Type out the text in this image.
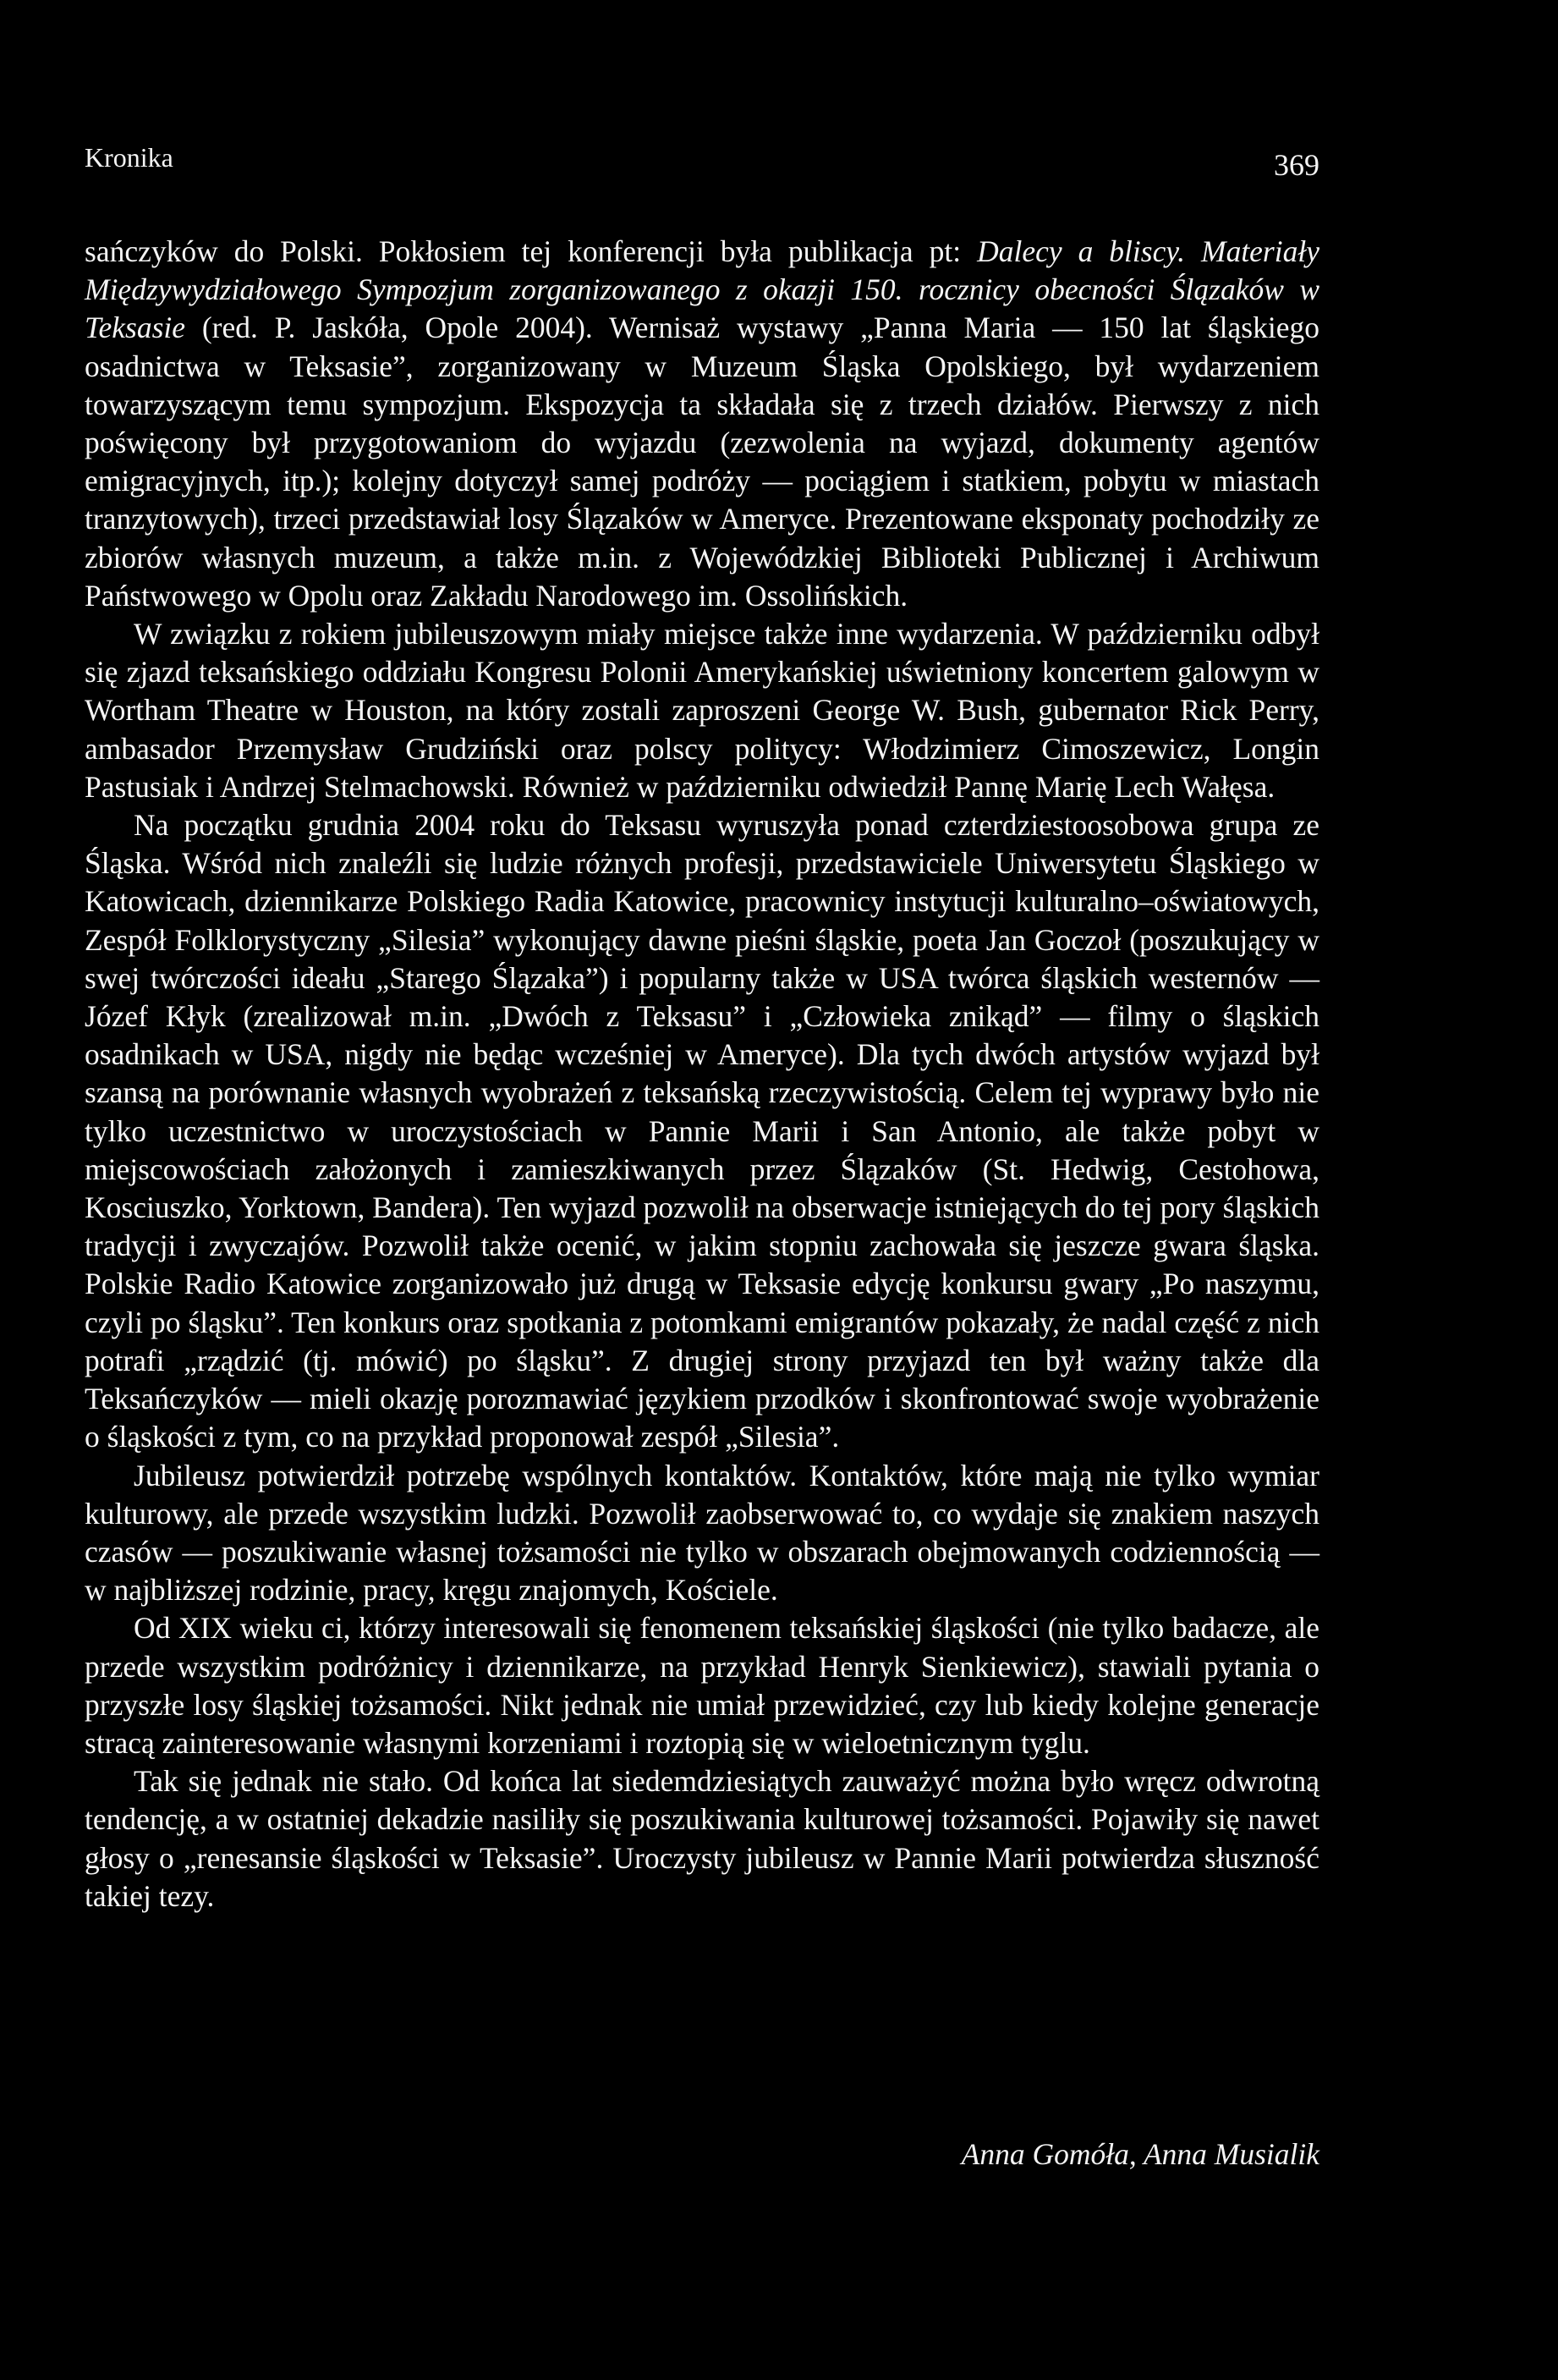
Kronika	369

sańczyków do Polski. Pokłosiem tej konferencji była publikacja pt: Dalecy a bliscy. Materiały Międzywydziałowego Sympozjum zorganizowanego z okazji 150. rocznicy obecności Ślązaków w Teksasie (red. P. Jaskóła, Opole 2004). Wernisaż wystawy „Panna Maria — 150 lat śląskiego osadnictwa w Teksasie”, zorganizowany w Muzeum Śląska Opolskiego, był wydarzeniem towarzyszącym temu sympozjum. Ekspozycja ta składała się z trzech działów. Pierwszy z nich poświęcony był przygotowaniom do wyjazdu (zezwolenia na wyjazd, dokumenty agentów emigracyjnych, itp.); kolejny dotyczył samej podróży — pociągiem i statkiem, pobytu w miastach tranzytowych), trzeci przedstawiał losy Ślązaków w Ameryce. Prezentowane eksponaty pochodziły ze zbiorów własnych muzeum, a także m.in. z Wojewódzkiej Biblioteki Publicznej i Archiwum Państwowego w Opolu oraz Zakładu Narodowego im. Ossolińskich.

W związku z rokiem jubileuszowym miały miejsce także inne wydarzenia. W październiku odbył się zjazd teksańskiego oddziału Kongresu Polonii Amerykańskiej uświetniony koncertem galowym w Wortham Theatre w Houston, na który zostali zaproszeni George W. Bush, gubernator Rick Perry, ambasador Przemysław Grudziński oraz polscy politycy: Włodzimierz Cimoszewicz, Longin Pastusiak i Andrzej Stelmachowski. Również w październiku odwiedził Pannę Marię Lech Wałęsa.

Na początku grudnia 2004 roku do Teksasu wyruszyła ponad czterdziestoosobowa grupa ze Śląska. Wśród nich znaleźli się ludzie różnych profesji, przedstawiciele Uniwersytetu Śląskiego w Katowicach, dziennikarze Polskiego Radia Katowice, pracownicy instytucji kulturalno–oświatowych, Zespół Folklorystyczny „Silesia” wykonujący dawne pieśni śląskie, poeta Jan Goczoł (poszukujący w swej twórczości ideału „Starego Ślązaka”) i popularny także w USA twórca śląskich westernów — Józef Kłyk (zrealizował m.in. „Dwóch z Teksasu” i „Człowieka znikąd” — filmy o śląskich osadnikach w USA, nigdy nie będąc wcześniej w Ameryce). Dla tych dwóch artystów wyjazd był szansą na porównanie własnych wyobrażeń z teksańską rzeczywistością. Celem tej wyprawy było nie tylko uczestnictwo w uroczystościach w Pannie Marii i San Antonio, ale także pobyt w miejscowościach założonych i zamieszkiwanych przez Ślązaków (St. Hedwig, Cestohowa, Kosciuszko, Yorktown, Bandera). Ten wyjazd pozwolił na obserwacje istniejących do tej pory śląskich tradycji i zwyczajów. Pozwolił także ocenić, w jakim stopniu zachowała się jeszcze gwara śląska. Polskie Radio Katowice zorganizowało już drugą w Teksasie edycję konkursu gwary „Po naszymu, czyli po śląsku”. Ten konkurs oraz spotkania z potomkami emigrantów pokazały, że nadal część z nich potrafi „rządzić (tj. mówić) po śląsku”. Z drugiej strony przyjazd ten był ważny także dla Teksańczyków — mieli okazję porozmawiać językiem przodków i skonfrontować swoje wyobrażenie o śląskości z tym, co na przykład proponował zespół „Silesia”.

Jubileusz potwierdził potrzebę wspólnych kontaktów. Kontaktów, które mają nie tylko wymiar kulturowy, ale przede wszystkim ludzki. Pozwolił zaobserwować to, co wydaje się znakiem naszych czasów — poszukiwanie własnej tożsamości nie tylko w obszarach obejmowanych codziennością — w najbliższej rodzinie, pracy, kręgu znajomych, Kościele.

Od XIX wieku ci, którzy interesowali się fenomenem teksańskiej śląskości (nie tylko badacze, ale przede wszystkim podróżnicy i dziennikarze, na przykład Henryk Sienkiewicz), stawiali pytania o przyszłe losy śląskiej tożsamości. Nikt jednak nie umiał przewidzieć, czy lub kiedy kolejne generacje stracą zainteresowanie własnymi korzeniami i roztopią się w wieloetnicznym tyglu.

Tak się jednak nie stało. Od końca lat siedemdziesiątych zauważyć można było wręcz odwrotną tendencję, a w ostatniej dekadzie nasiliły się poszukiwania kulturowej tożsamości. Pojawiły się nawet głosy o „renesansie śląskości w Teksasie”. Uroczysty jubileusz w Pannie Marii potwierdza słuszność takiej tezy.

Anna Gomóła, Anna Musialik
